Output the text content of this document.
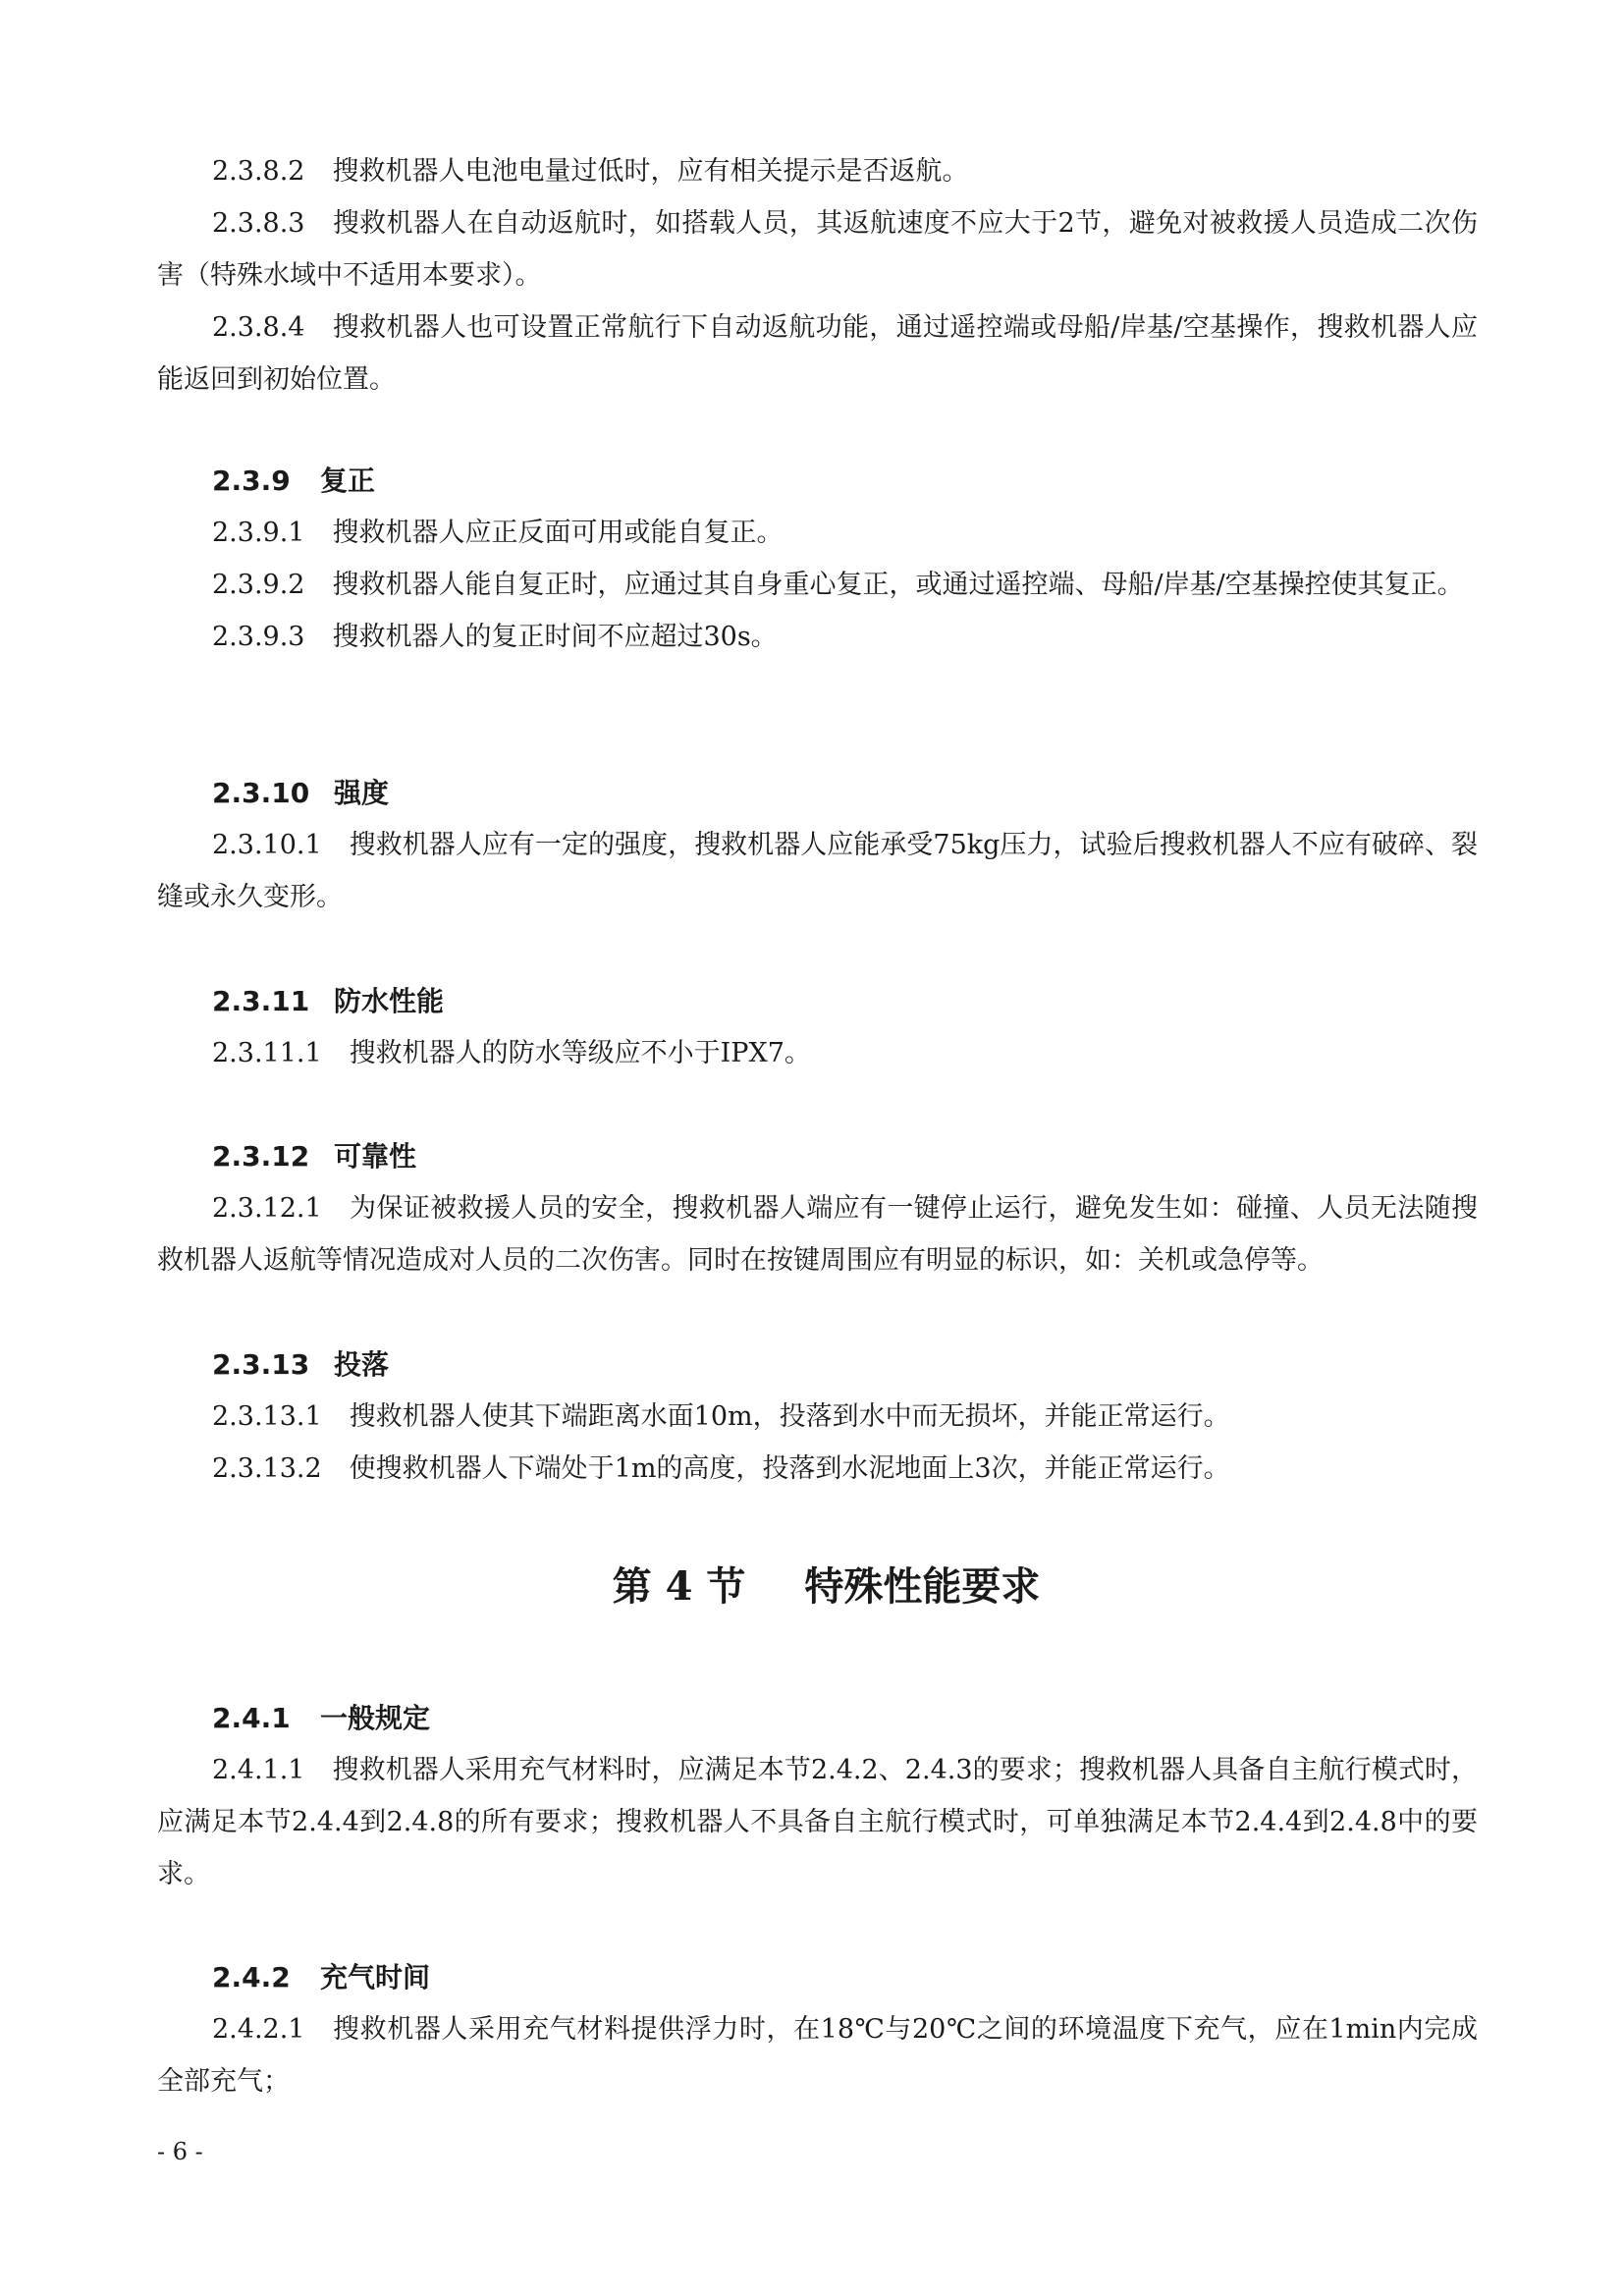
2.3.8.2 搜救机器人电池电量过低时，应有相关提示是否返航。

2.3.8.3 搜救机器人在自动返航时，如搭载人员，其返航速度不应大于2节，避免对被救援人员造成二次伤害（特殊水域中不适用本要求）。

2.3.8.4 搜救机器人也可设置正常航行下自动返航功能，通过遥控端或母船/岸基/空基操作，搜救机器人应能返回到初始位置。

2.3.9 复正

2.3.9.1 搜救机器人应正反面可用或能自复正。

2.3.9.2 搜救机器人能自复正时，应通过其自身重心复正，或通过遥控端、母船/岸基/空基操控使其复正。

2.3.9.3 搜救机器人的复正时间不应超过30s。

2.3.10 强度

2.3.10.1 搜救机器人应有一定的强度，搜救机器人应能承受75kg压力，试验后搜救机器人不应有破碎、裂缝或永久变形。

2.3.11 防水性能

2.3.11.1 搜救机器人的防水等级应不小于IPX7。

2.3.12 可靠性

2.3.12.1 为保证被救援人员的安全，搜救机器人端应有一键停止运行，避免发生如：碰撞、人员无法随搜救机器人返航等情况造成对人员的二次伤害。同时在按键周围应有明显的标识，如：关机或急停等。

2.3.13 投落

2.3.13.1 搜救机器人使其下端距离水面10m，投落到水中而无损坏，并能正常运行。

2.3.13.2 使搜救机器人下端处于1m的高度，投落到水泥地面上3次，并能正常运行。

第 4 节 特殊性能要求
2.4.1 一般规定

2.4.1.1 搜救机器人采用充气材料时，应满足本节2.4.2、2.4.3的要求；搜救机器人具备自主航行模式时，应满足本节2.4.4到2.4.8的所有要求；搜救机器人不具备自主航行模式时，可单独满足本节2.4.4到2.4.8中的要求。

2.4.2 充气时间

2.4.2.1 搜救机器人采用充气材料提供浮力时，在18℃与20℃之间的环境温度下充气，应在1min内完成全部充气；

- 6 -
